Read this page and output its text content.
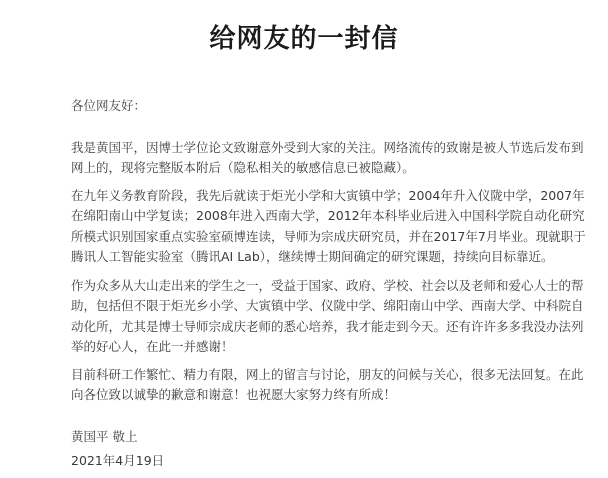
给网友的一封信
各位网友好：

我是黄国平，因博士学位论文致谢意外受到大家的关注。网络流传的致谢是被人节选后发布到
网上的，现将完整版本附后（隐私相关的敏感信息已被隐藏）。

在九年义务教育阶段，我先后就读于炬光小学和大寅镇中学；2004年升入仪陇中学，2007年
在绵阳南山中学复读；2008年进入西南大学，2012年本科毕业后进入中国科学院自动化研究
所模式识别国家重点实验室硕博连读，导师为宗成庆研究员，并在2017年7月毕业。现就职于
腾讯人工智能实验室（腾讯AI Lab），继续博士期间确定的研究课题，持续向目标靠近。

作为众多从大山走出来的学生之一，受益于国家、政府、学校、社会以及老师和爱心人士的帮
助，包括但不限于炬光乡小学、大寅镇中学、仪陇中学、绵阳南山中学、西南大学、中科院自
动化所，尤其是博士导师宗成庆老师的悉心培养，我才能走到今天。还有许许多多我没办法列
举的好心人，在此一并感谢！

目前科研工作繁忙、精力有限，网上的留言与讨论，朋友的问候与关心，很多无法回复。在此
向各位致以诚挚的歉意和谢意！也祝愿大家努力终有所成！

黄国平 敬上
2021年4月19日
